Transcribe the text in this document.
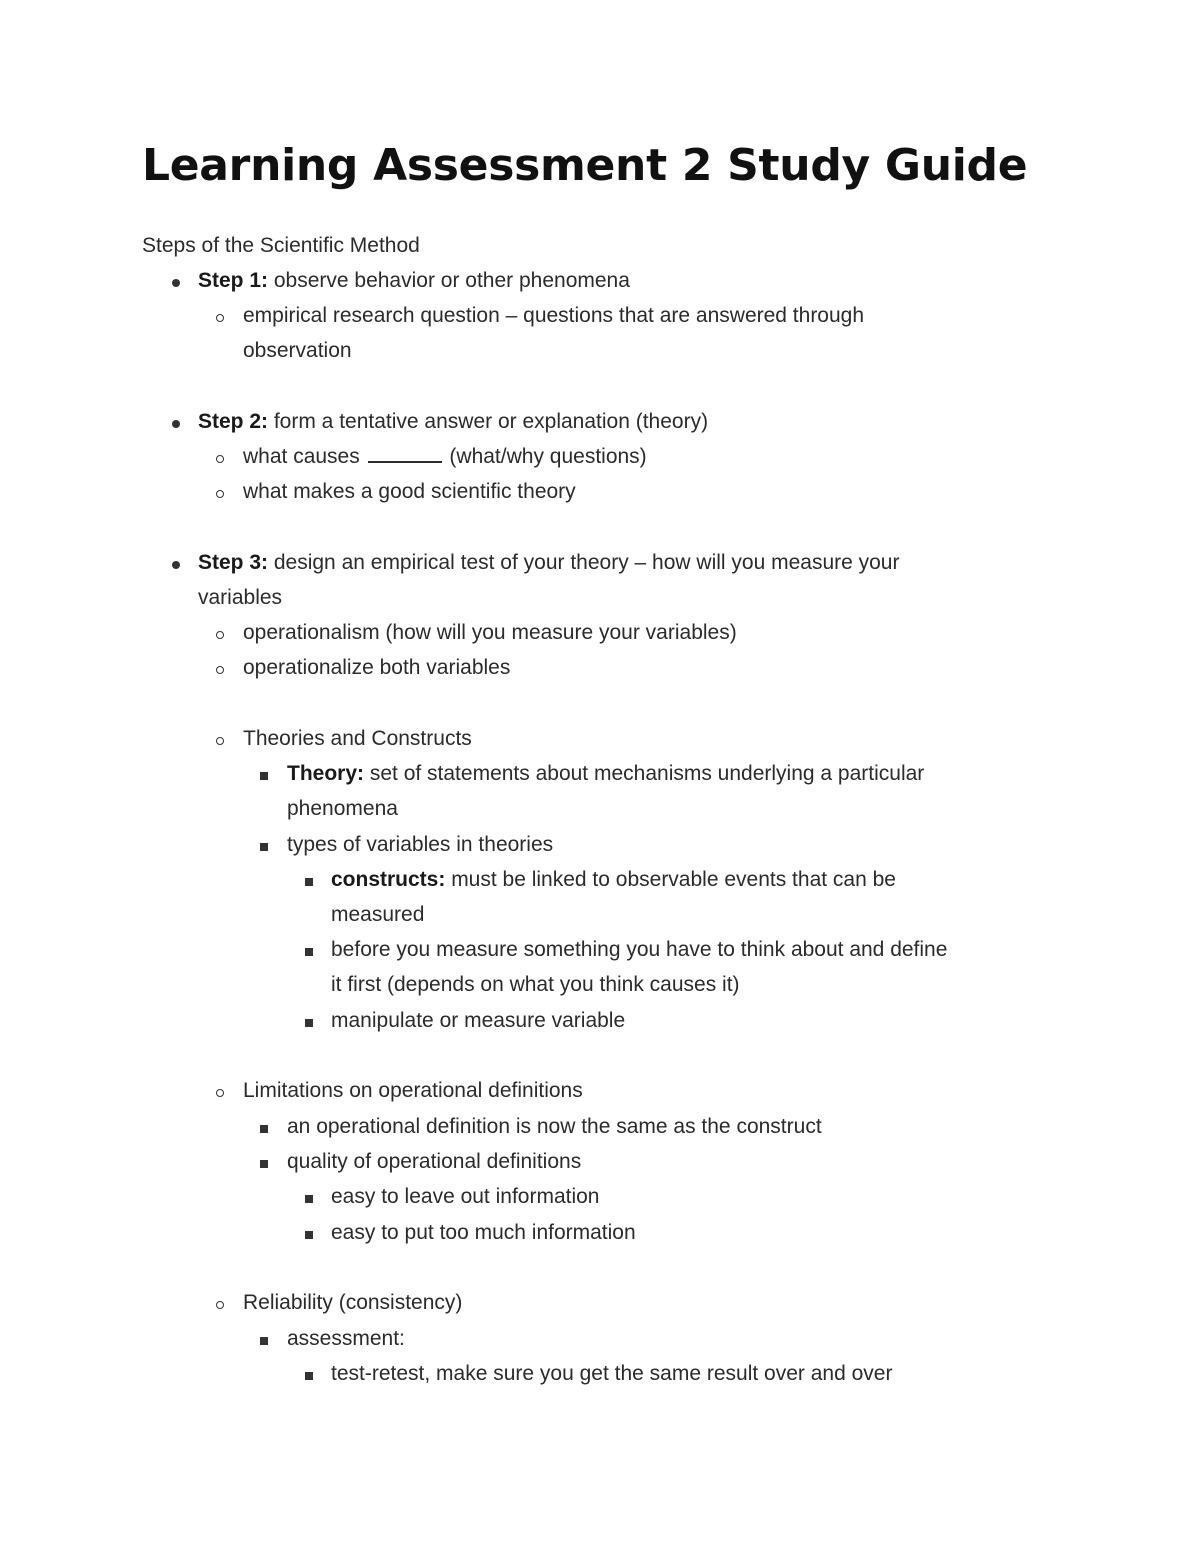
Learning Assessment 2 Study Guide
Steps of the Scientific Method
Step 1: observe behavior or other phenomena
empirical research question – questions that are answered through
observation
Step 2: form a tentative answer or explanation (theory)
what causes	(what/why questions)
what makes a good scientific theory
Step 3: design an empirical test of your theory – how will you measure your
variables
operationalism (how will you measure your variables)
operationalize both variables
Theories and Constructs
Theory: set of statements about mechanisms underlying a particular
phenomena
types of variables in theories
constructs: must be linked to observable events that can be
measured
before you measure something you have to think about and define
it first (depends on what you think causes it)
manipulate or measure variable
Limitations on operational definitions
an operational definition is now the same as the construct
quality of operational definitions
easy to leave out information
easy to put too much information
Reliability (consistency)
assessment:
test-retest, make sure you get the same result over and over
